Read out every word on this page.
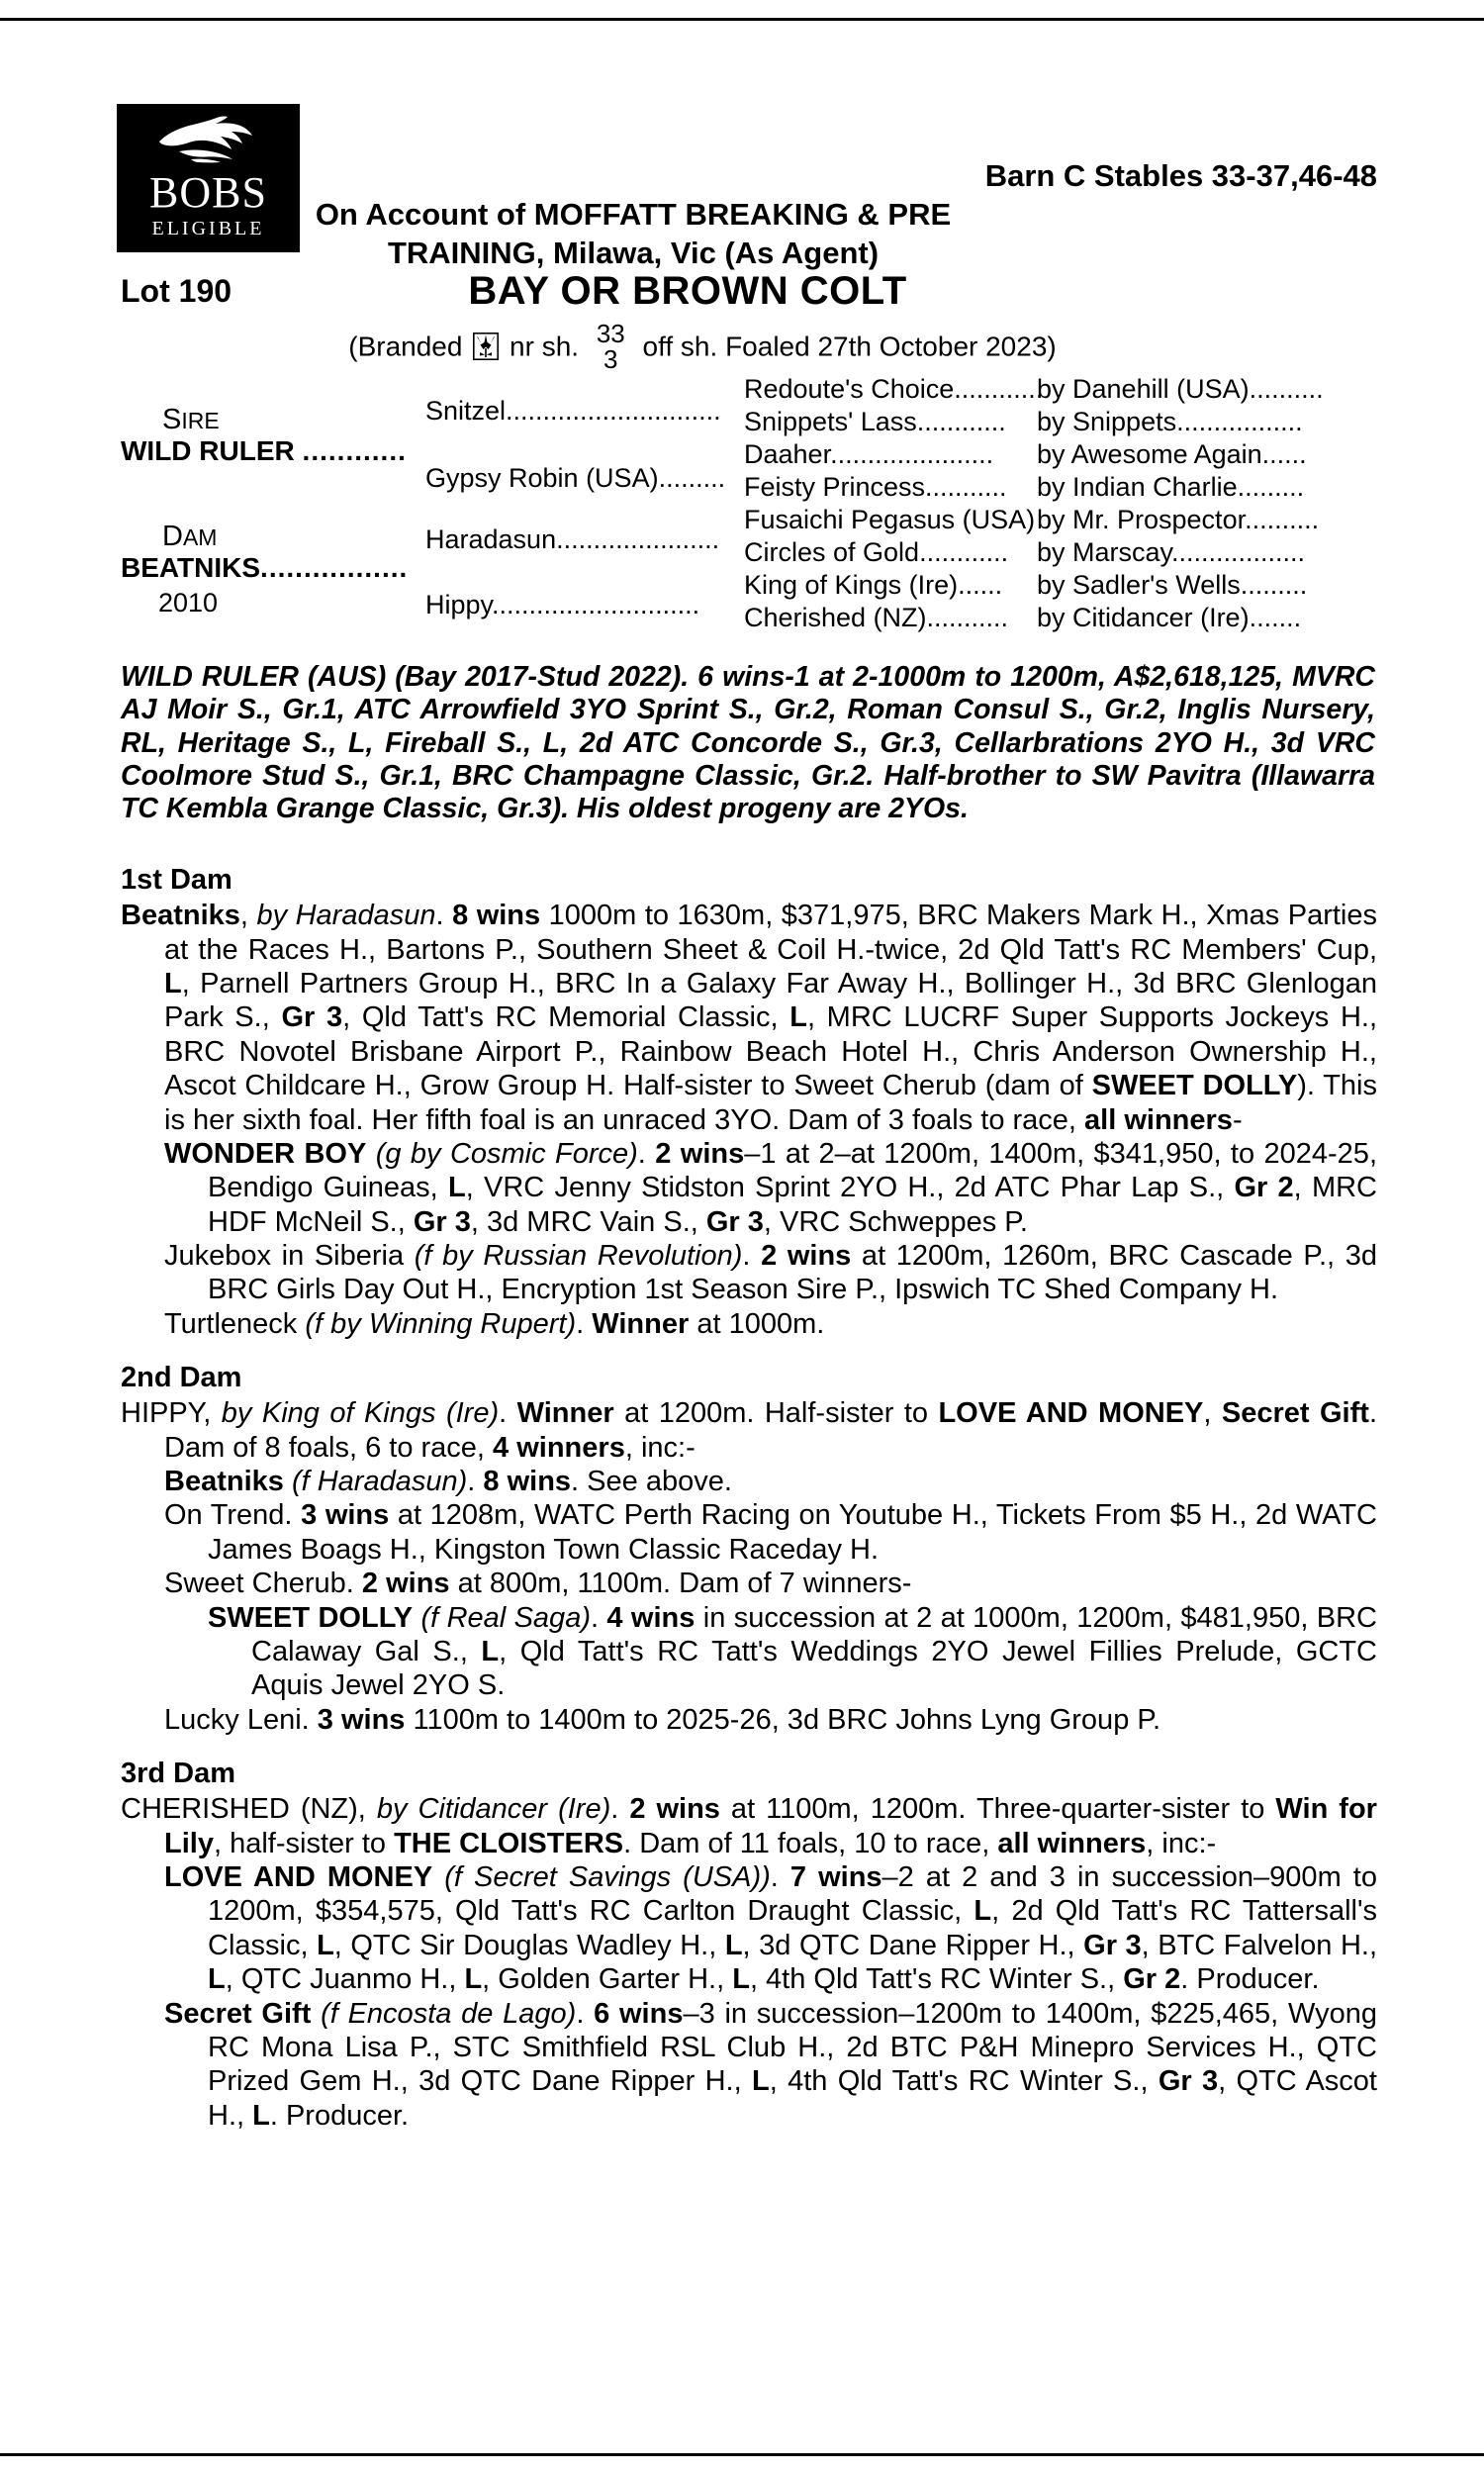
BOBS
ELIGIBLE
Barn C Stables 33-37,46-48
On Account of MOFFATT BREAKING & PRE
TRAINING, Milawa, Vic (As Agent)
Lot 190	BAY OR BROWN COLT
(Branded nr sh. 33
3 off sh. Foaled 27th October 2023)
SIRE
WILD RULER ............
DAM
BEATNIKS.................
2010
Snitzel.............................
Gypsy Robin (USA).........
Haradasun......................
Hippy............................
Redoute's Choice............
Snippets' Lass............
Daaher......................
Feisty Princess...........
Fusaichi Pegasus (USA)
Circles of Gold............
King of Kings (Ire)......
Cherished (NZ)...........
by Danehill (USA)..........
by Snippets.................
by Awesome Again......
by Indian Charlie.........
by Mr. Prospector..........
by Marscay..................
by Sadler's Wells.........
by Citidancer (Ire).......
WILD RULER (AUS) (Bay 2017-Stud 2022). 6 wins-1 at 2-1000m to 1200m, A$2,618,125, MVRC AJ Moir S., Gr.1, ATC Arrowfield 3YO Sprint S., Gr.2, Roman Consul S., Gr.2, Inglis Nursery, RL, Heritage S., L, Fireball S., L, 2d ATC Concorde S., Gr.3, Cellarbrations 2YO H., 3d VRC Coolmore Stud S., Gr.1, BRC Champagne Classic, Gr.2. Half-brother to SW Pavitra (Illawarra TC Kembla Grange Classic, Gr.3). His oldest progeny are 2YOs.
1st Dam

Beatniks, by Haradasun. 8 wins 1000m to 1630m, $371,975, BRC Makers Mark H., Xmas Parties at the Races H., Bartons P., Southern Sheet & Coil H.-twice, 2d Qld Tatt's RC Members' Cup, L, Parnell Partners Group H., BRC In a Galaxy Far Away H., Bollinger H., 3d BRC Glenlogan Park S., Gr 3, Qld Tatt's RC Memorial Classic, L, MRC LUCRF Super Supports Jockeys H., BRC Novotel Brisbane Airport P., Rainbow Beach Hotel H., Chris Anderson Ownership H., Ascot Childcare H., Grow Group H. Half-sister to Sweet Cherub (dam of SWEET DOLLY). This is her sixth foal. Her fifth foal is an unraced 3YO. Dam of 3 foals to race, all winners-

WONDER BOY (g by Cosmic Force). 2 wins–1 at 2–at 1200m, 1400m, $341,950, to 2024-25, Bendigo Guineas, L, VRC Jenny Stidston Sprint 2YO H., 2d ATC Phar Lap S., Gr 2, MRC HDF McNeil S., Gr 3, 3d MRC Vain S., Gr 3, VRC Schweppes P.

Jukebox in Siberia (f by Russian Revolution). 2 wins at 1200m, 1260m, BRC Cascade P., 3d BRC Girls Day Out H., Encryption 1st Season Sire P., Ipswich TC Shed Company H.

Turtleneck (f by Winning Rupert). Winner at 1000m.

2nd Dam

HIPPY, by King of Kings (Ire). Winner at 1200m. Half-sister to LOVE AND MONEY, Secret Gift. Dam of 8 foals, 6 to race, 4 winners, inc:-

Beatniks (f Haradasun). 8 wins. See above.

On Trend. 3 wins at 1208m, WATC Perth Racing on Youtube H., Tickets From $5 H., 2d WATC James Boags H., Kingston Town Classic Raceday H.

Sweet Cherub. 2 wins at 800m, 1100m. Dam of 7 winners-

SWEET DOLLY (f Real Saga). 4 wins in succession at 2 at 1000m, 1200m, $481,950, BRC Calaway Gal S., L, Qld Tatt's RC Tatt's Weddings 2YO Jewel Fillies Prelude, GCTC Aquis Jewel 2YO S.

Lucky Leni. 3 wins 1100m to 1400m to 2025-26, 3d BRC Johns Lyng Group P.

3rd Dam

CHERISHED (NZ), by Citidancer (Ire). 2 wins at 1100m, 1200m. Three-quarter-sister to Win for Lily, half-sister to THE CLOISTERS. Dam of 11 foals, 10 to race, all winners, inc:-

LOVE AND MONEY (f Secret Savings (USA)). 7 wins–2 at 2 and 3 in succession–900m to 1200m, $354,575, Qld Tatt's RC Carlton Draught Classic, L, 2d Qld Tatt's RC Tattersall's Classic, L, QTC Sir Douglas Wadley H., L, 3d QTC Dane Ripper H., Gr 3, BTC Falvelon H., L, QTC Juanmo H., L, Golden Garter H., L, 4th Qld Tatt's RC Winter S., Gr 2. Producer.

Secret Gift (f Encosta de Lago). 6 wins–3 in succession–1200m to 1400m, $225,465, Wyong RC Mona Lisa P., STC Smithfield RSL Club H., 2d BTC P&H Minepro Services H., QTC Prized Gem H., 3d QTC Dane Ripper H., L, 4th Qld Tatt's RC Winter S., Gr 3, QTC Ascot H., L. Producer.
